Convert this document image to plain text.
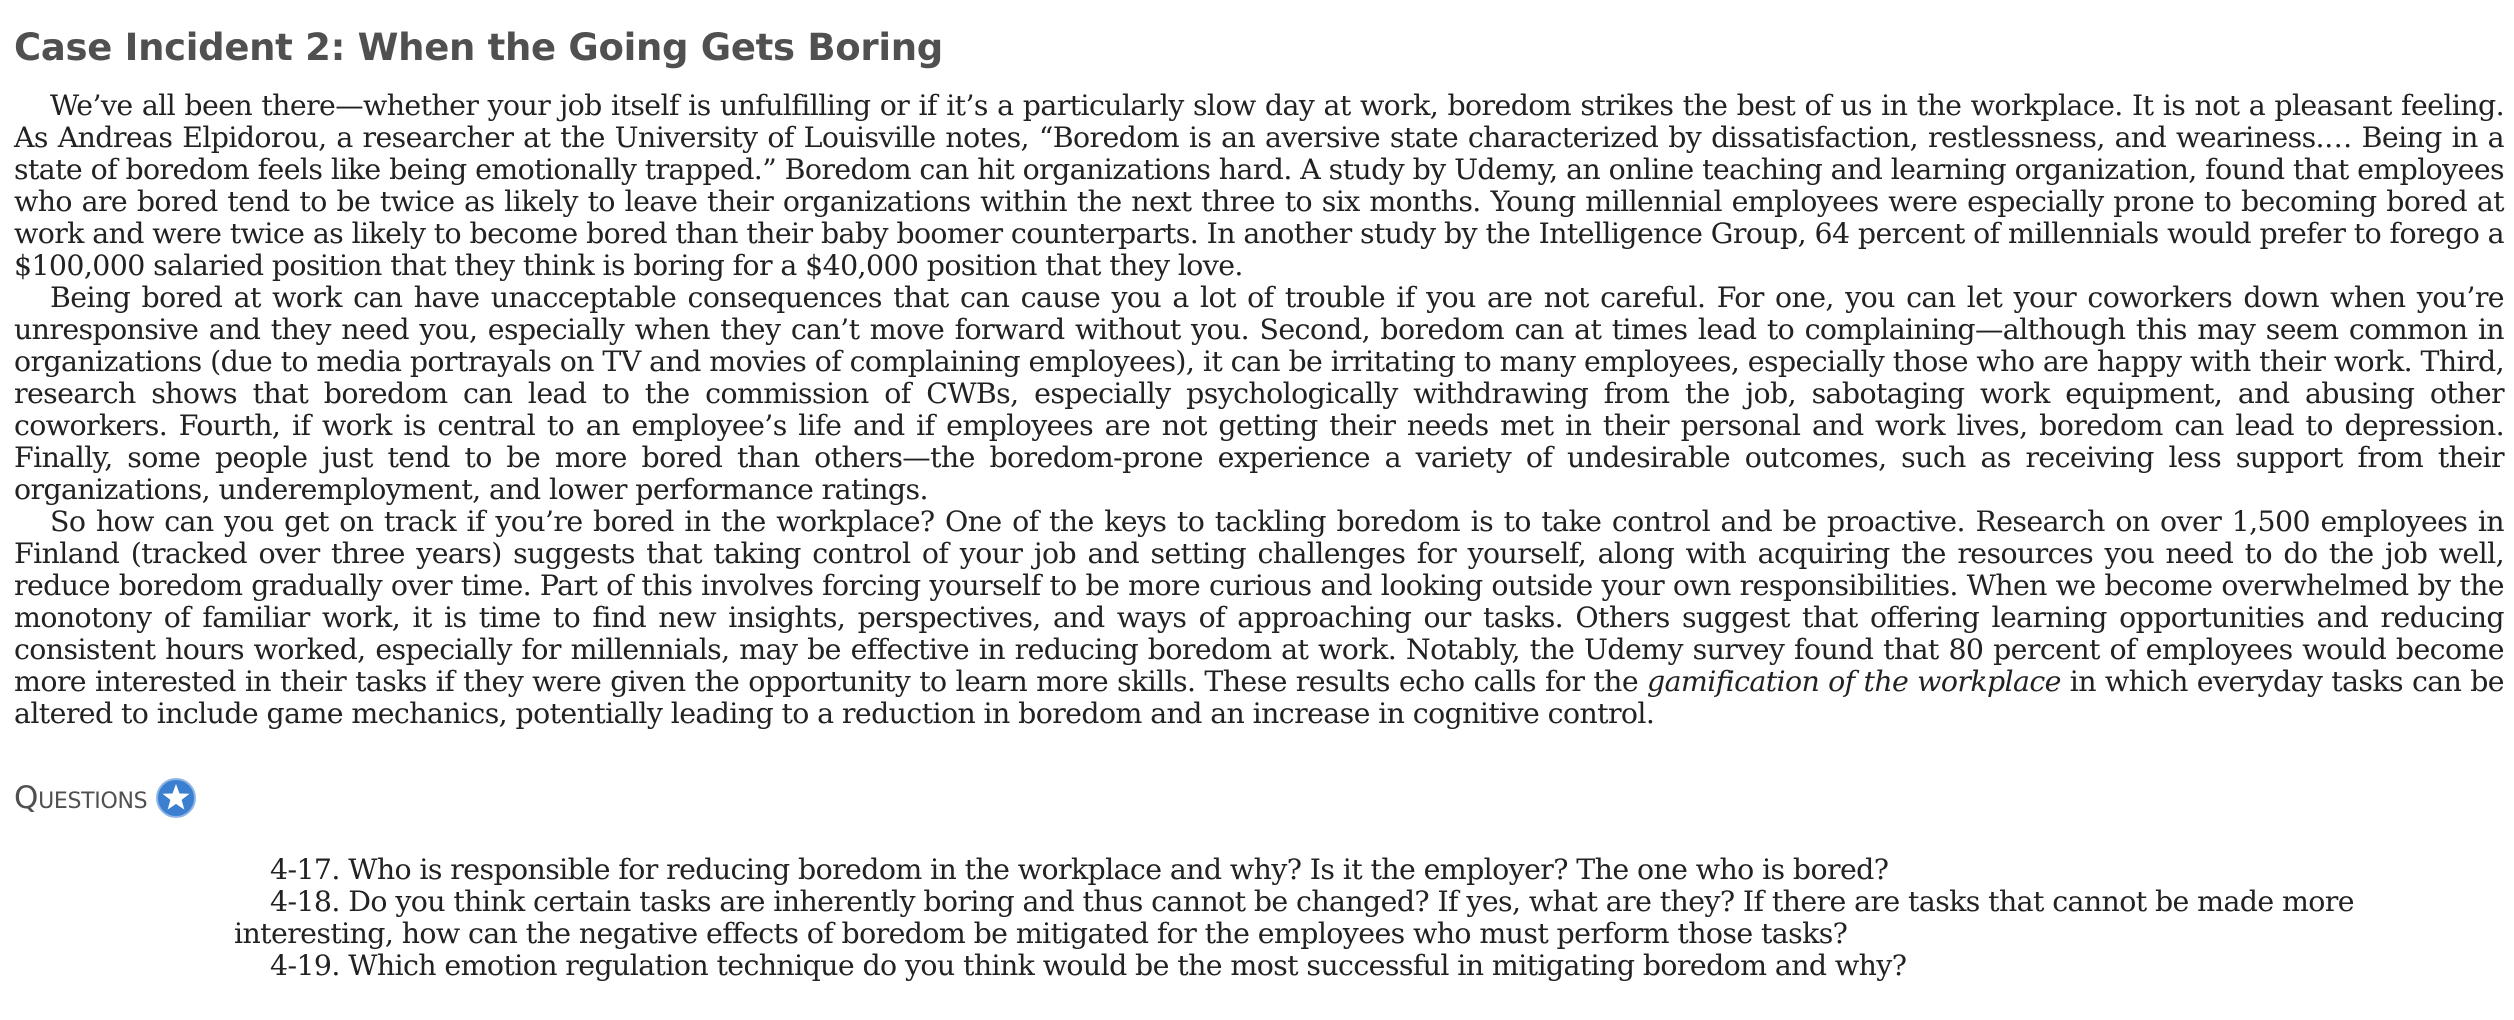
Case Incident 2: When the Going Gets Boring

We’ve all been there—whether your job itself is unfulfilling or if it’s a particularly slow day at work, boredom strikes the best of us in the workplace. It is not a pleasant feeling. As Andreas Elpidorou, a researcher at the University of Louisville notes, “Boredom is an aversive state characterized by dissatisfaction, restlessness, and weariness.… Being in a state of boredom feels like being emotionally trapped.” Boredom can hit organizations hard. A study by Udemy, an online teaching and learning organization, found that employees who are bored tend to be twice as likely to leave their organizations within the next three to six months. Young millennial employees were especially prone to becoming bored at work and were twice as likely to become bored than their baby boomer counterparts. In another study by the Intelligence Group, 64 percent of millennials would prefer to forego a $100,000 salaried position that they think is boring for a $40,000 position that they love.

Being bored at work can have unacceptable consequences that can cause you a lot of trouble if you are not careful. For one, you can let your coworkers down when you’re unresponsive and they need you, especially when they can’t move forward without you. Second, boredom can at times lead to complaining—although this may seem common in organizations (due to media portrayals on TV and movies of complaining employees), it can be irritating to many employees, especially those who are happy with their work. Third, research shows that boredom can lead to the commission of CWBs, especially psychologically withdrawing from the job, sabotaging work equipment, and abusing other coworkers. Fourth, if work is central to an employee’s life and if employees are not getting their needs met in their personal and work lives, boredom can lead to depression. Finally, some people just tend to be more bored than others—the boredom-prone experience a variety of undesirable outcomes, such as receiving less support from their organizations, underemployment, and lower performance ratings.

So how can you get on track if you’re bored in the workplace? One of the keys to tackling boredom is to take control and be proactive. Research on over 1,500 employees in Finland (tracked over three years) suggests that taking control of your job and setting challenges for yourself, along with acquiring the resources you need to do the job well, reduce boredom gradually over time. Part of this involves forcing yourself to be more curious and looking outside your own responsibilities. When we become overwhelmed by the monotony of familiar work, it is time to find new insights, perspectives, and ways of approaching our tasks. Others suggest that offering learning opportunities and reducing consistent hours worked, especially for millennials, may be effective in reducing boredom at work. Notably, the Udemy survey found that 80 percent of employees would become more interested in their tasks if they were given the opportunity to learn more skills. These results echo calls for the gamification of the workplace in which everyday tasks can be altered to include game mechanics, potentially leading to a reduction in boredom and an increase in cognitive control.

Questions

4-17. Who is responsible for reducing boredom in the workplace and why? Is it the employer? The one who is bored?

4-18. Do you think certain tasks are inherently boring and thus cannot be changed? If yes, what are they? If there are tasks that cannot be made more interesting, how can the negative effects of boredom be mitigated for the employees who must perform those tasks?

4-19. Which emotion regulation technique do you think would be the most successful in mitigating boredom and why?
